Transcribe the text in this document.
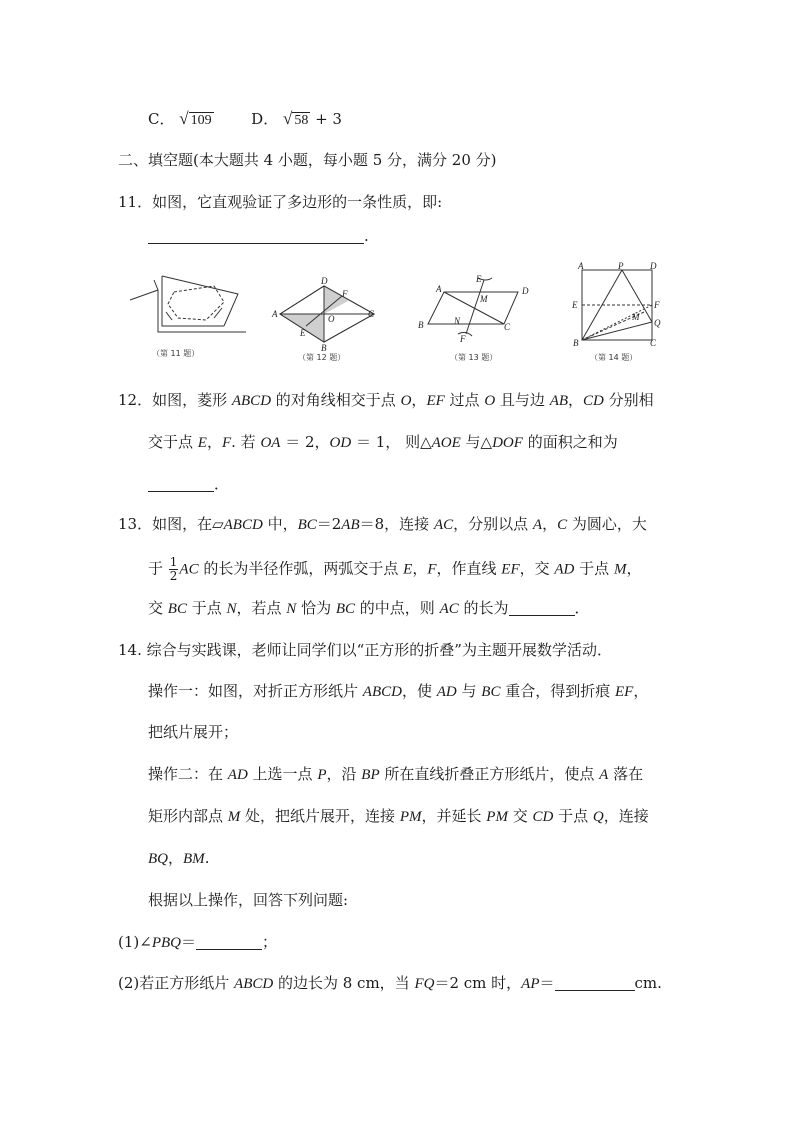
C． √ 109	D． √ 58 + 3
二、填空题(本大题共 4 小题，每小题 5 分，满分 20 分)
11．如图，它直观验证了多边形的一条性质，即:
.
（第 11 题）
A
D
F
C
O
E
B
（第 12 题）
A
E
M
D
B	N
C
F
（第 13 题）
A	P	D
E	F
M
Q
B	C
（第 14 题）
12．如图，菱形 ABCD 的对角线相交于点 O，EF 过点 O 且与边 AB，CD 分别相
交于点 E，F. 若 OA ＝ 2，OD ＝ 1， 则△AOE 与△DOF 的面积之和为
．
13．如图，在▱ABCD 中，BC＝2AB＝8，连接 AC，分别以点 A，C 为圆心，大
于 $\frac{1}{2}$ AC 的长为半径作弧，两弧交于点 E，F，作直线 EF，交 AD 于点 M，
交 BC 于点 N，若点 N 恰为 BC 的中点，则 AC 的长为	．
14. 综合与实践课，老师让同学们以“正方形的折叠”为主题开展数学活动．
操作一：如图，对折正方形纸片 ABCD，使 AD 与 BC 重合，得到折痕 EF，
把纸片展开；
操作二：在 AD 上选一点 P，沿 BP 所在直线折叠正方形纸片，使点 A 落在
矩形内部点 M 处，把纸片展开，连接 PM，并延长 PM 交 CD 于点 Q，连接
BQ，BM.
根据以上操作，回答下列问题:
(1)∠PBQ＝	；
(2)若正方形纸片 ABCD 的边长为 8 cm，当 FQ＝2 cm 时，AP＝	cm.
